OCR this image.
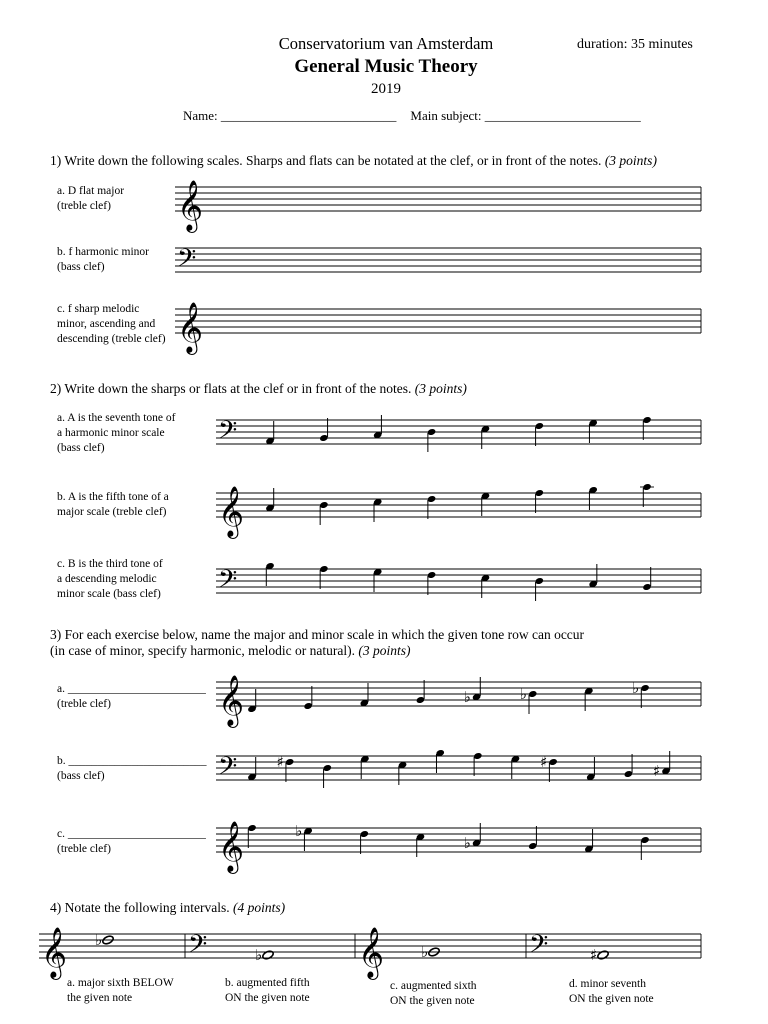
Conservatorium van Amsterdam	duration: 35 minutes
General Music Theory
2019
Name: ___________________________ Main subject: ________________________
1) Write down the following scales. Sharps and flats can be notated at the clef, or in front of the notes. (3 points)
a. D flat major
(treble clef)
b. f harmonic minor
(bass clef)
c. f sharp melodic
minor, ascending and
descending (treble clef)
2) Write down the sharps or flats at the clef or in front of the notes. (3 points)
a. A is the seventh tone of
a harmonic minor scale
(bass clef)
b. A is the fifth tone of a
major scale (treble clef)
c. B is the third tone of
a descending melodic
minor scale (bass clef)
3) For each exercise below, name the major and minor scale in which the given tone row can occur
(in case of minor, specify harmonic, melodic or natural). (3 points)
a. ________________________
(treble clef)
b. ________________________
(bass clef)
c. ________________________
(treble clef)
4) Notate the following intervals. (4 points)
a. major sixth BELOW
the given note
b. augmented fifth
ON the given note
c. augmented sixth
ON the given note
d. minor seventh
ON the given note
𝄞
𝄢
𝄞
𝄢
𝄞
𝄢
𝄞	♭	♭	♭
𝄢	♯	♯	♯
𝄞	♭
♭
𝄞 ♭	𝄢	♭ 𝄞 ♭	𝄢	♯
